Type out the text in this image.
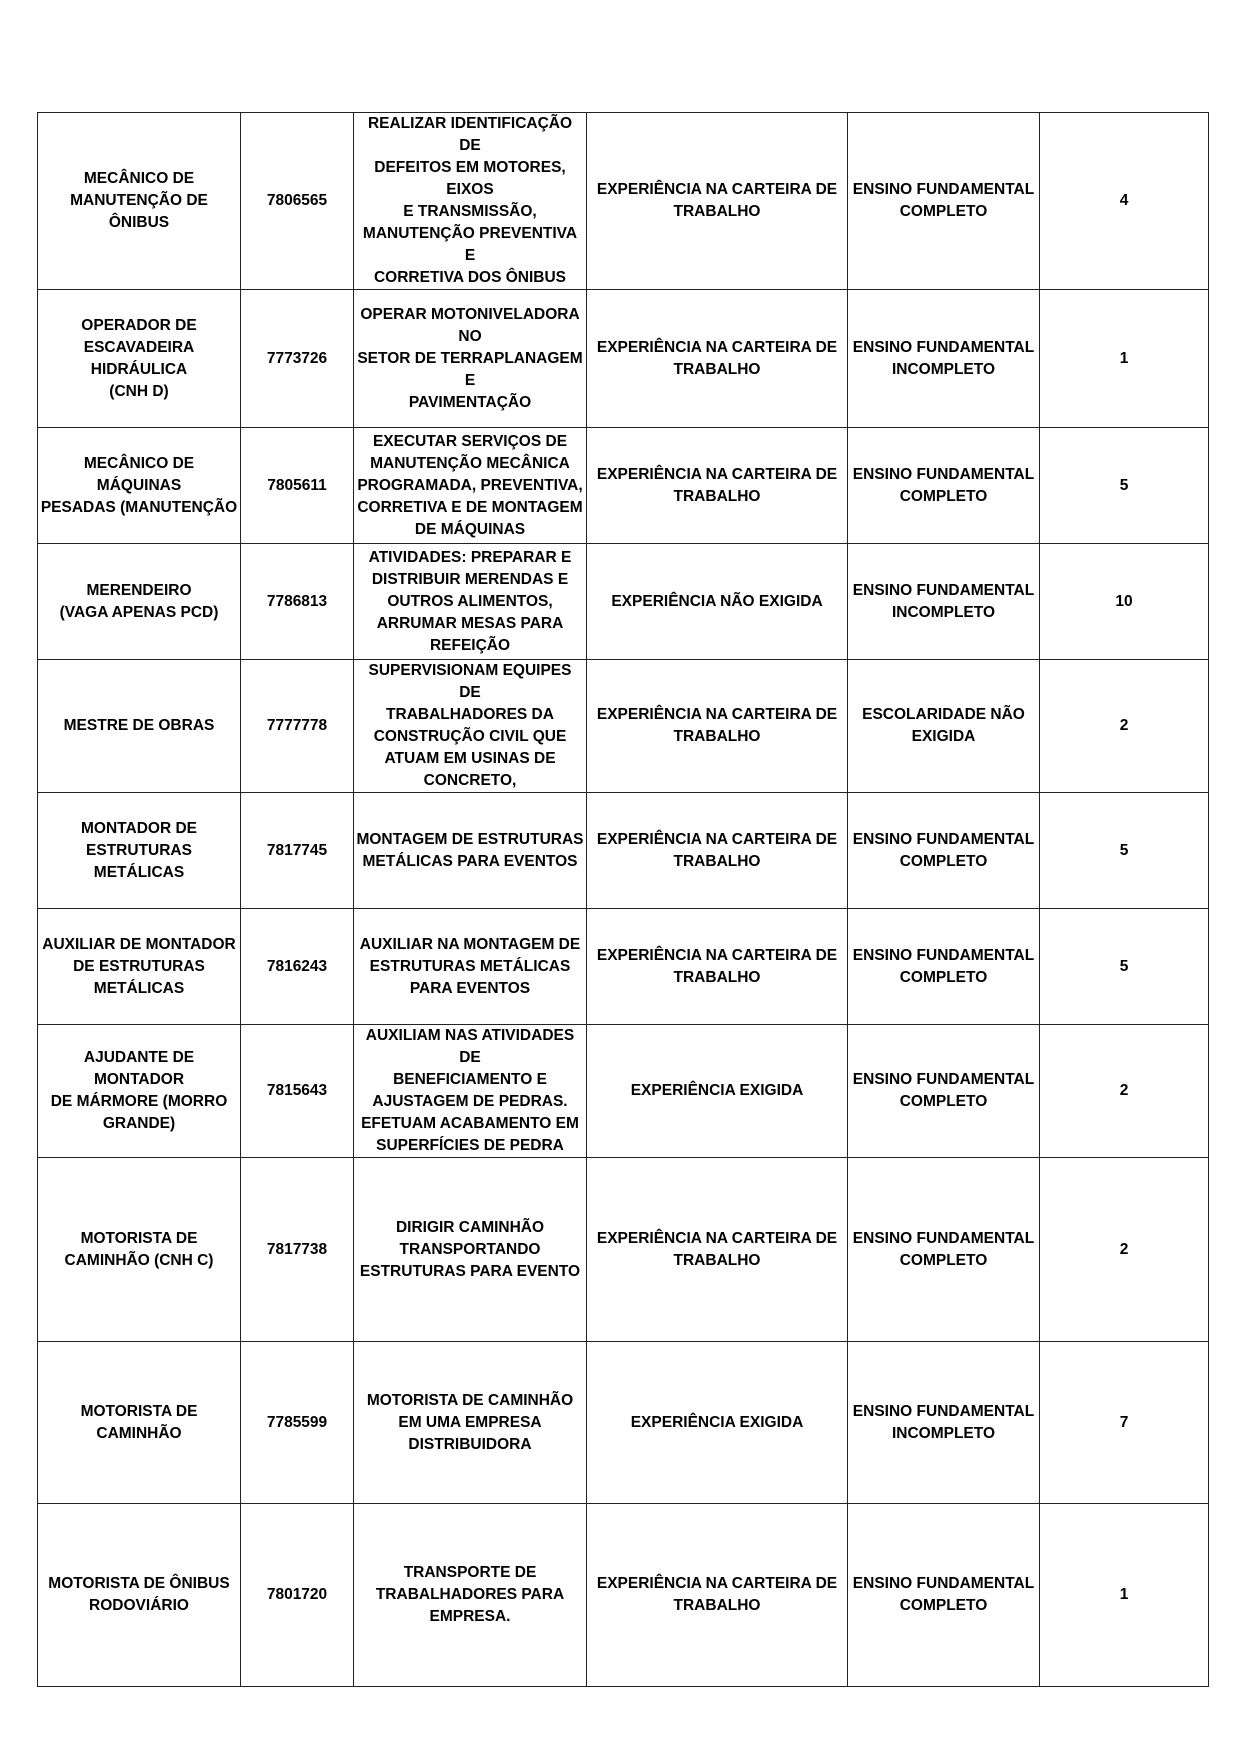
MECÂNICO DE
MANUTENÇÃO DE ÔNIBUS	7806565	REALIZAR IDENTIFICAÇÃO DE
DEFEITOS EM MOTORES, EIXOS
E TRANSMISSÃO,
MANUTENÇÃO PREVENTIVA E
CORRETIVA DOS ÔNIBUS	EXPERIÊNCIA NA CARTEIRA DE
TRABALHO	ENSINO FUNDAMENTAL
COMPLETO	4
OPERADOR DE
ESCAVADEIRA HIDRÁULICA
(CNH D)	7773726	OPERAR MOTONIVELADORA NO
SETOR DE TERRAPLANAGEM E
PAVIMENTAÇÃO	EXPERIÊNCIA NA CARTEIRA DE
TRABALHO	ENSINO FUNDAMENTAL
INCOMPLETO	1
MECÂNICO DE MÁQUINAS
PESADAS (MANUTENÇÃO	7805611	EXECUTAR SERVIÇOS DE
MANUTENÇÃO MECÂNICA
PROGRAMADA, PREVENTIVA,
CORRETIVA E DE MONTAGEM
DE MÁQUINAS	EXPERIÊNCIA NA CARTEIRA DE
TRABALHO	ENSINO FUNDAMENTAL
COMPLETO	5
MERENDEIRO
(VAGA APENAS PCD)	7786813	ATIVIDADES: PREPARAR E
DISTRIBUIR MERENDAS E
OUTROS ALIMENTOS,
ARRUMAR MESAS PARA
REFEIÇÃO	EXPERIÊNCIA NÃO EXIGIDA	ENSINO FUNDAMENTAL
INCOMPLETO	10
MESTRE DE OBRAS	7777778	SUPERVISIONAM EQUIPES DE
TRABALHADORES DA
CONSTRUÇÃO CIVIL QUE
ATUAM EM USINAS DE
CONCRETO,	EXPERIÊNCIA NA CARTEIRA DE
TRABALHO	ESCOLARIDADE NÃO
EXIGIDA	2
MONTADOR DE
ESTRUTURAS METÁLICAS	7817745	MONTAGEM DE ESTRUTURAS
METÁLICAS PARA EVENTOS	EXPERIÊNCIA NA CARTEIRA DE
TRABALHO	ENSINO FUNDAMENTAL
COMPLETO	5
AUXILIAR DE MONTADOR
DE ESTRUTURAS
METÁLICAS	7816243	AUXILIAR NA MONTAGEM DE
ESTRUTURAS METÁLICAS
PARA EVENTOS	EXPERIÊNCIA NA CARTEIRA DE
TRABALHO	ENSINO FUNDAMENTAL
COMPLETO	5
AJUDANTE DE MONTADOR
DE MÁRMORE (MORRO
GRANDE)	7815643	AUXILIAM NAS ATIVIDADES DE
BENEFICIAMENTO E
AJUSTAGEM DE PEDRAS.
EFETUAM ACABAMENTO EM
SUPERFÍCIES DE PEDRA	EXPERIÊNCIA EXIGIDA	ENSINO FUNDAMENTAL
COMPLETO	2
MOTORISTA DE
CAMINHÃO (CNH C)	7817738	DIRIGIR CAMINHÃO
TRANSPORTANDO
ESTRUTURAS PARA EVENTO	EXPERIÊNCIA NA CARTEIRA DE
TRABALHO	ENSINO FUNDAMENTAL
COMPLETO	2
MOTORISTA DE
CAMINHÃO	7785599	MOTORISTA DE CAMINHÃO
EM UMA EMPRESA
DISTRIBUIDORA	EXPERIÊNCIA EXIGIDA	ENSINO FUNDAMENTAL
INCOMPLETO	7
MOTORISTA DE ÔNIBUS
RODOVIÁRIO	7801720	TRANSPORTE DE
TRABALHADORES PARA
EMPRESA.	EXPERIÊNCIA NA CARTEIRA DE
TRABALHO	ENSINO FUNDAMENTAL
COMPLETO	1
